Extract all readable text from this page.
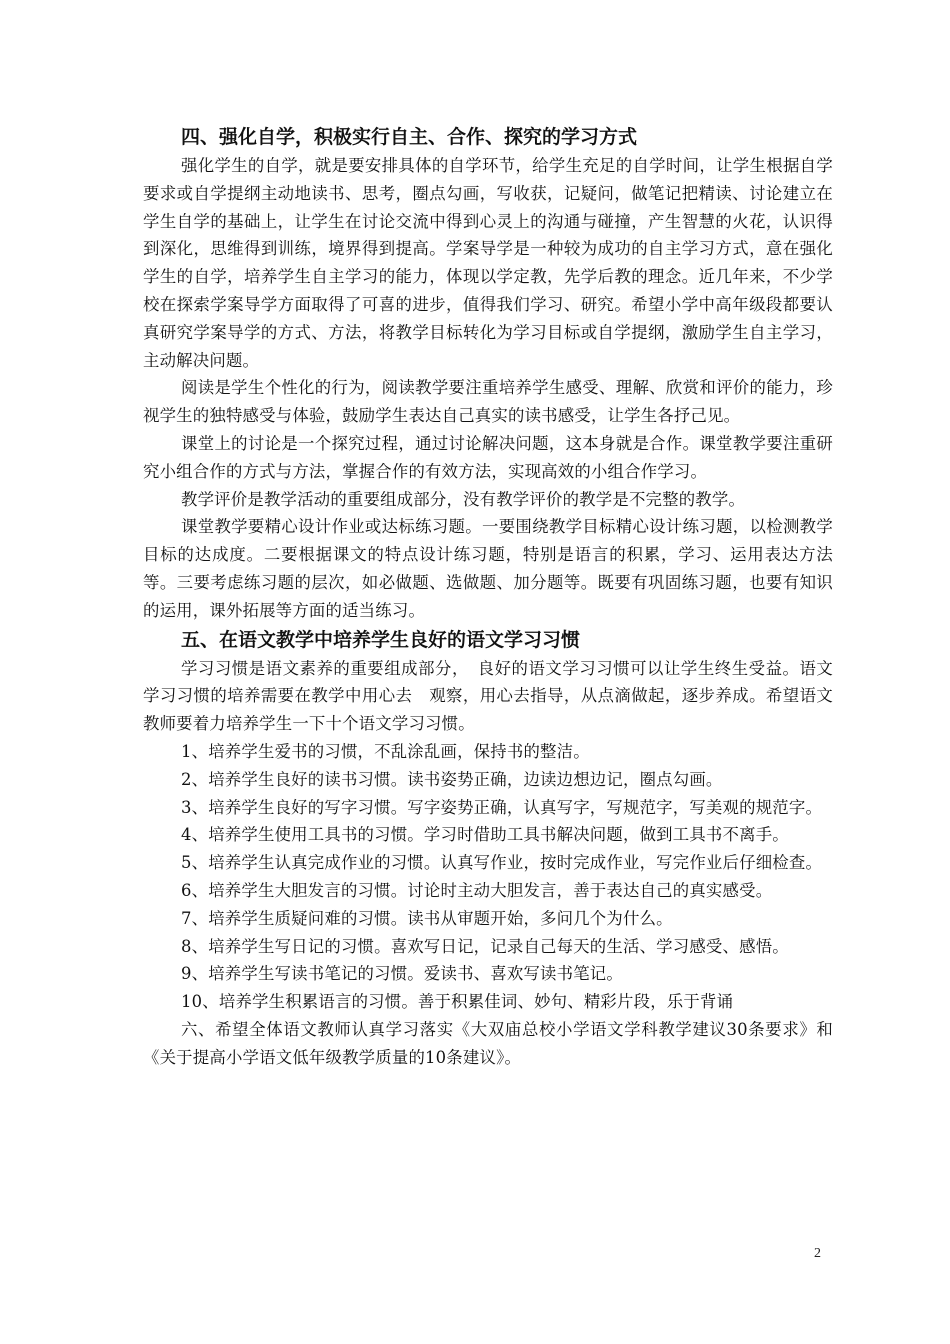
四、强化自学，积极实行自主、合作、探究的学习方式

强化学生的自学，就是要安排具体的自学环节，给学生充足的自学时间，让学生根据自学要求或自学提纲主动地读书、思考，圈点勾画，写收获，记疑问，做笔记把精读、讨论建立在学生自学的基础上，让学生在讨论交流中得到心灵上的沟通与碰撞，产生智慧的火花，认识得到深化，思维得到训练，境界得到提高。学案导学是一种较为成功的自主学习方式，意在强化学生的自学，培养学生自主学习的能力，体现以学定教，先学后教的理念。近几年来，不少学校在探索学案导学方面取得了可喜的进步，值得我们学习、研究。希望小学中高年级段都要认真研究学案导学的方式、方法，将教学目标转化为学习目标或自学提纲，激励学生自主学习，主动解决问题。

阅读是学生个性化的行为，阅读教学要注重培养学生感受、理解、欣赏和评价的能力，珍视学生的独特感受与体验，鼓励学生表达自己真实的读书感受，让学生各抒己见。

课堂上的讨论是一个探究过程，通过讨论解决问题，这本身就是合作。课堂教学要注重研究小组合作的方式与方法，掌握合作的有效方法，实现高效的小组合作学习。

教学评价是教学活动的重要组成部分，没有教学评价的教学是不完整的教学。

课堂教学要精心设计作业或达标练习题。一要围绕教学目标精心设计练习题，以检测教学目标的达成度。二要根据课文的特点设计练习题，特别是语言的积累，学习、运用表达方法等。三要考虑练习题的层次，如必做题、选做题、加分题等。既要有巩固练习题，也要有知识的运用，课外拓展等方面的适当练习。

五、在语文教学中培养学生良好的语文学习习惯

学习习惯是语文素养的重要组成部分，　良好的语文学习习惯可以让学生终生受益。语文学习习惯的培养需要在教学中用心去　观察，用心去指导，从点滴做起，逐步养成。希望语文教师要着力培养学生一下十个语文学习习惯。

1、培养学生爱书的习惯，不乱涂乱画，保持书的整洁。

2、培养学生良好的读书习惯。读书姿势正确，边读边想边记，圈点勾画。

3、培养学生良好的写字习惯。写字姿势正确，认真写字，写规范字，写美观的规范字。

4、培养学生使用工具书的习惯。学习时借助工具书解决问题，做到工具书不离手。

5、培养学生认真完成作业的习惯。认真写作业，按时完成作业，写完作业后仔细检查。

6、培养学生大胆发言的习惯。讨论时主动大胆发言，善于表达自己的真实感受。

7、培养学生质疑问难的习惯。读书从审题开始，多问几个为什么。

8、培养学生写日记的习惯。喜欢写日记，记录自己每天的生活、学习感受、感悟。

9、培养学生写读书笔记的习惯。爱读书、喜欢写读书笔记。

10、培养学生积累语言的习惯。善于积累佳词、妙句、精彩片段，乐于背诵

六、希望全体语文教师认真学习落实《大双庙总校小学语文学科教学建议30条要求》和《关于提高小学语文低年级教学质量的10条建议》。

2
